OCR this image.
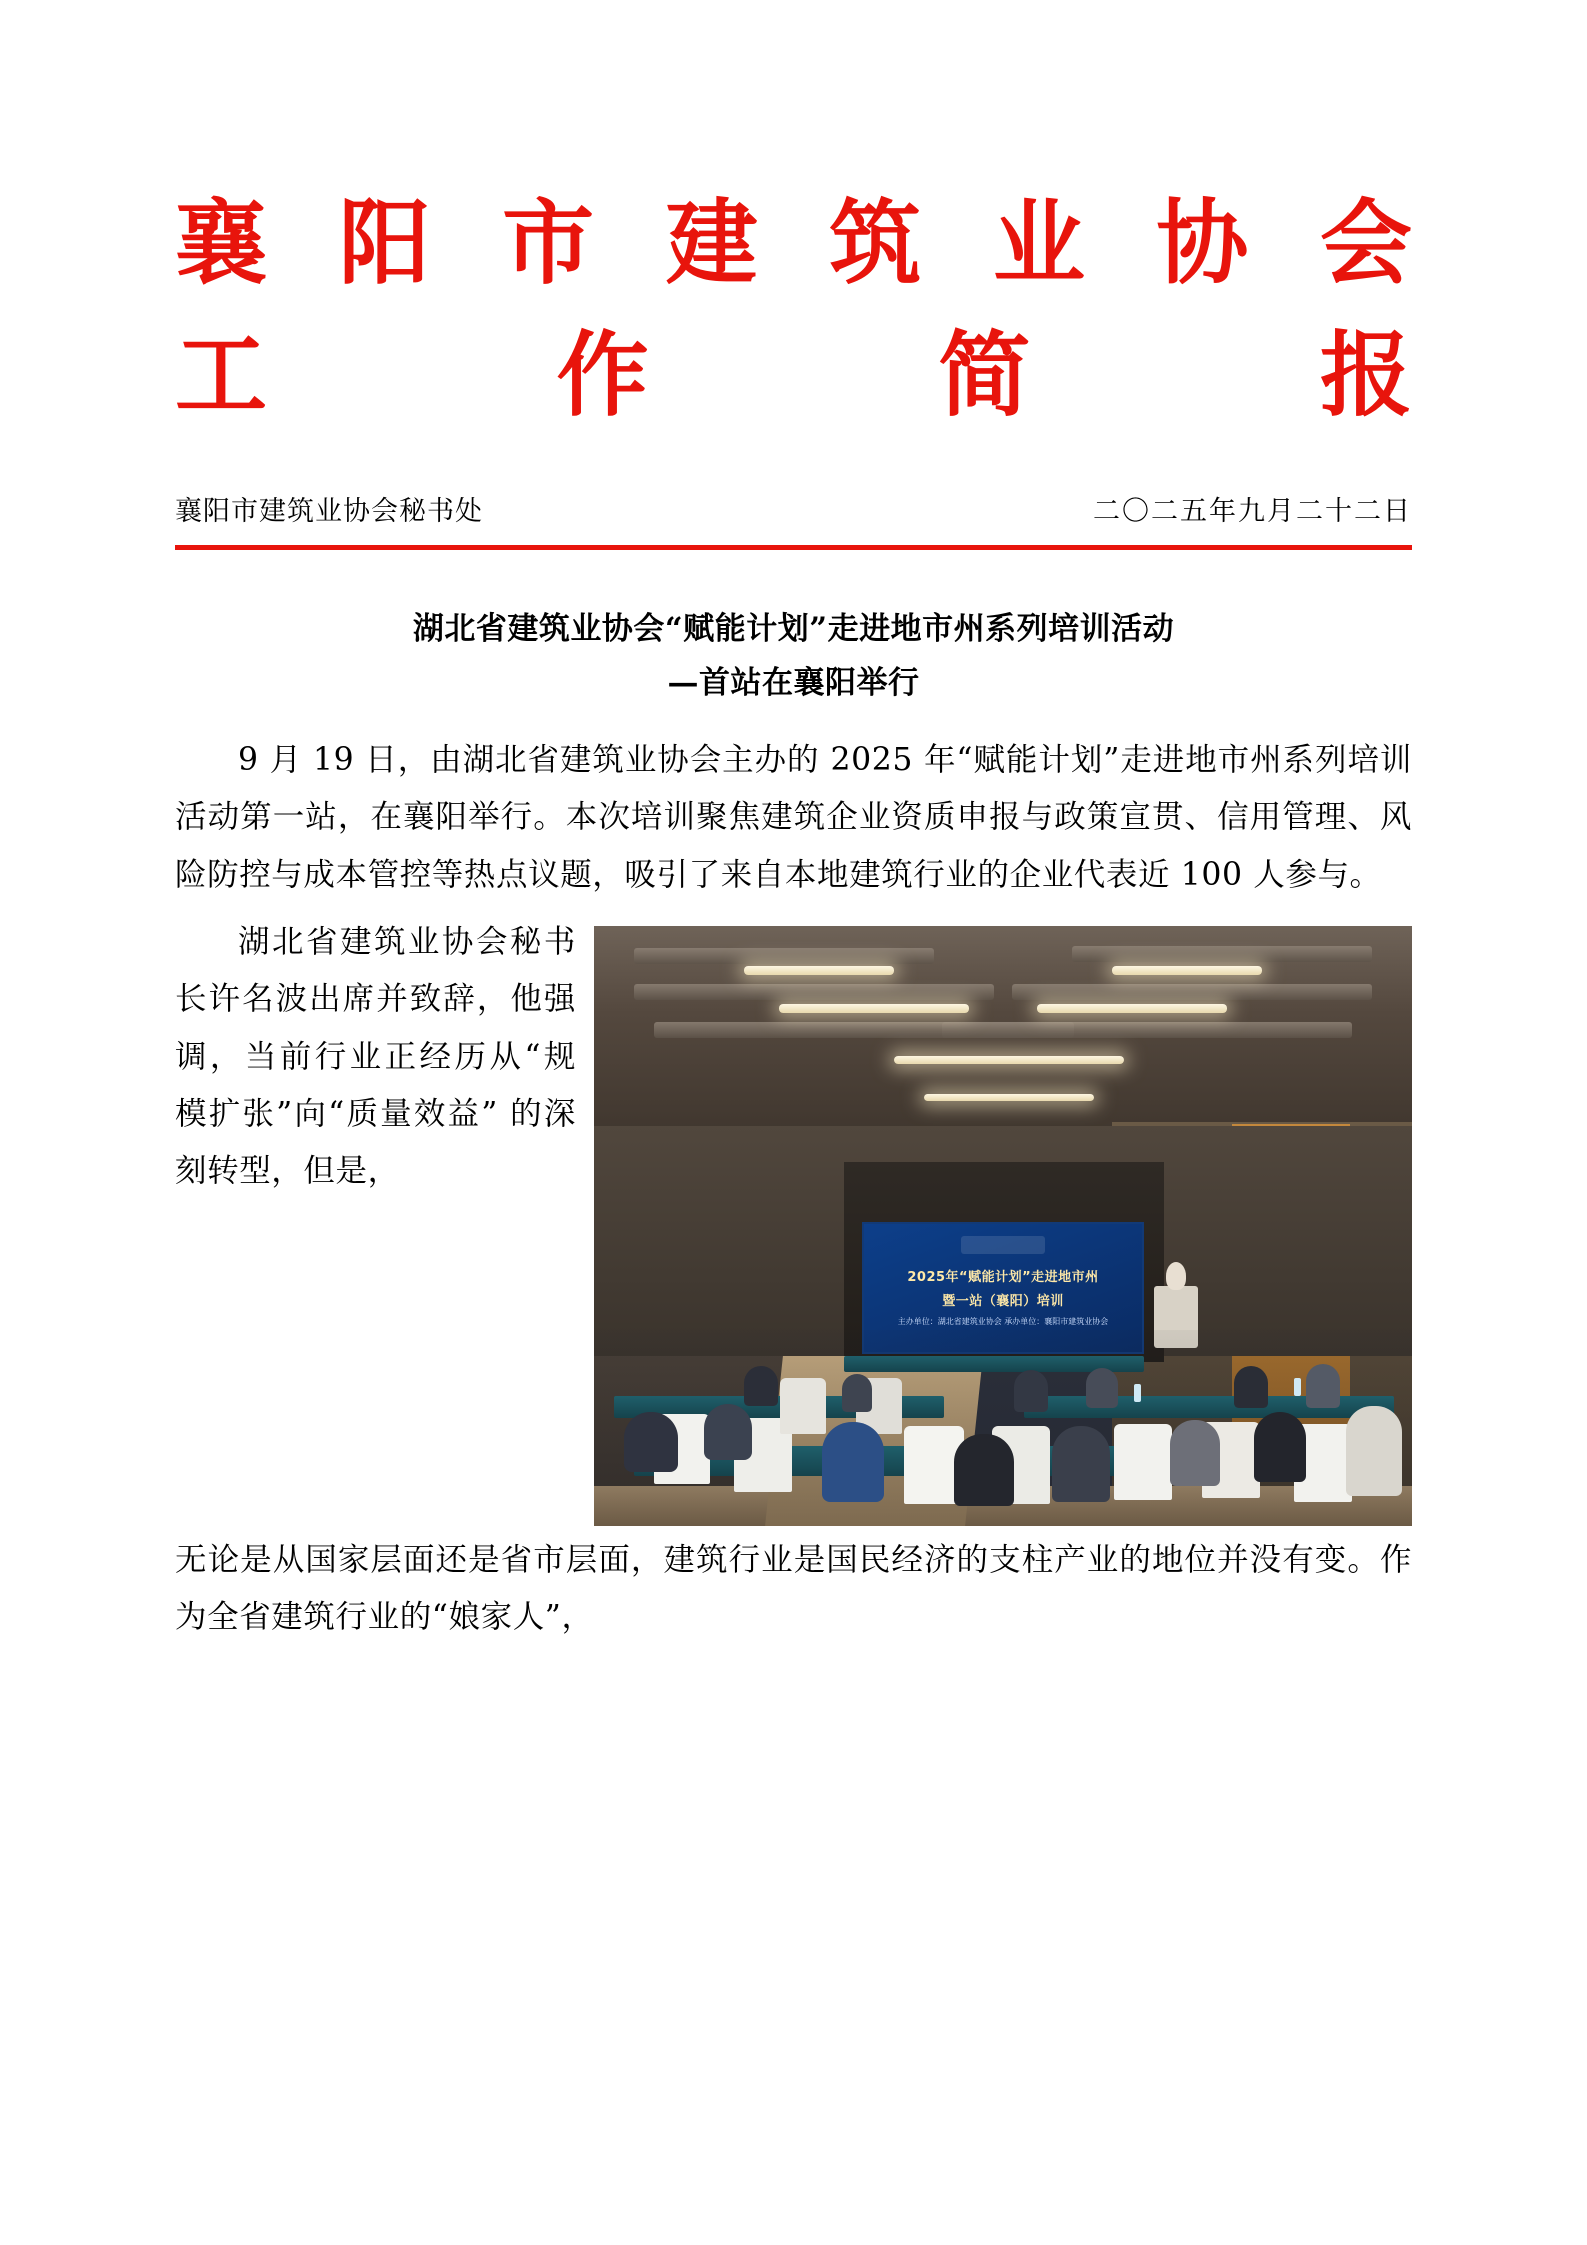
襄 阳 市 建 筑 业 协 会
工	作	简	报
襄阳市建筑业协会秘书处	二〇二五年九月二十二日
湖北省建筑业协会“赋能计划”走进地市州系列培训活动
—首站在襄阳举行
9 月 19 日，由湖北省建筑业协会主办的 2025 年“赋能计划”走进地市州系列培训活动第一站，在襄阳举行。本次培训聚焦建筑企业资质申报与政策宣贯、信用管理、风险防控与成本管控等热点议题，吸引了来自本地建筑行业的企业代表近 100 人参与。
2025年“赋能计划”走进地市州
暨一站（襄阳）培训
主办单位：湖北省建筑业协会 承办单位：襄阳市建筑业协会
湖北省建筑业协会秘书长许名波出席并致辞，他强调，当前行业正经历从“规模扩张”向“质量效益” 的深刻转型，但是，
无论是从国家层面还是省市层面，建筑行业是国民经济的支柱产业的地位并没有变。作为全省建筑行业的“娘家人”，
